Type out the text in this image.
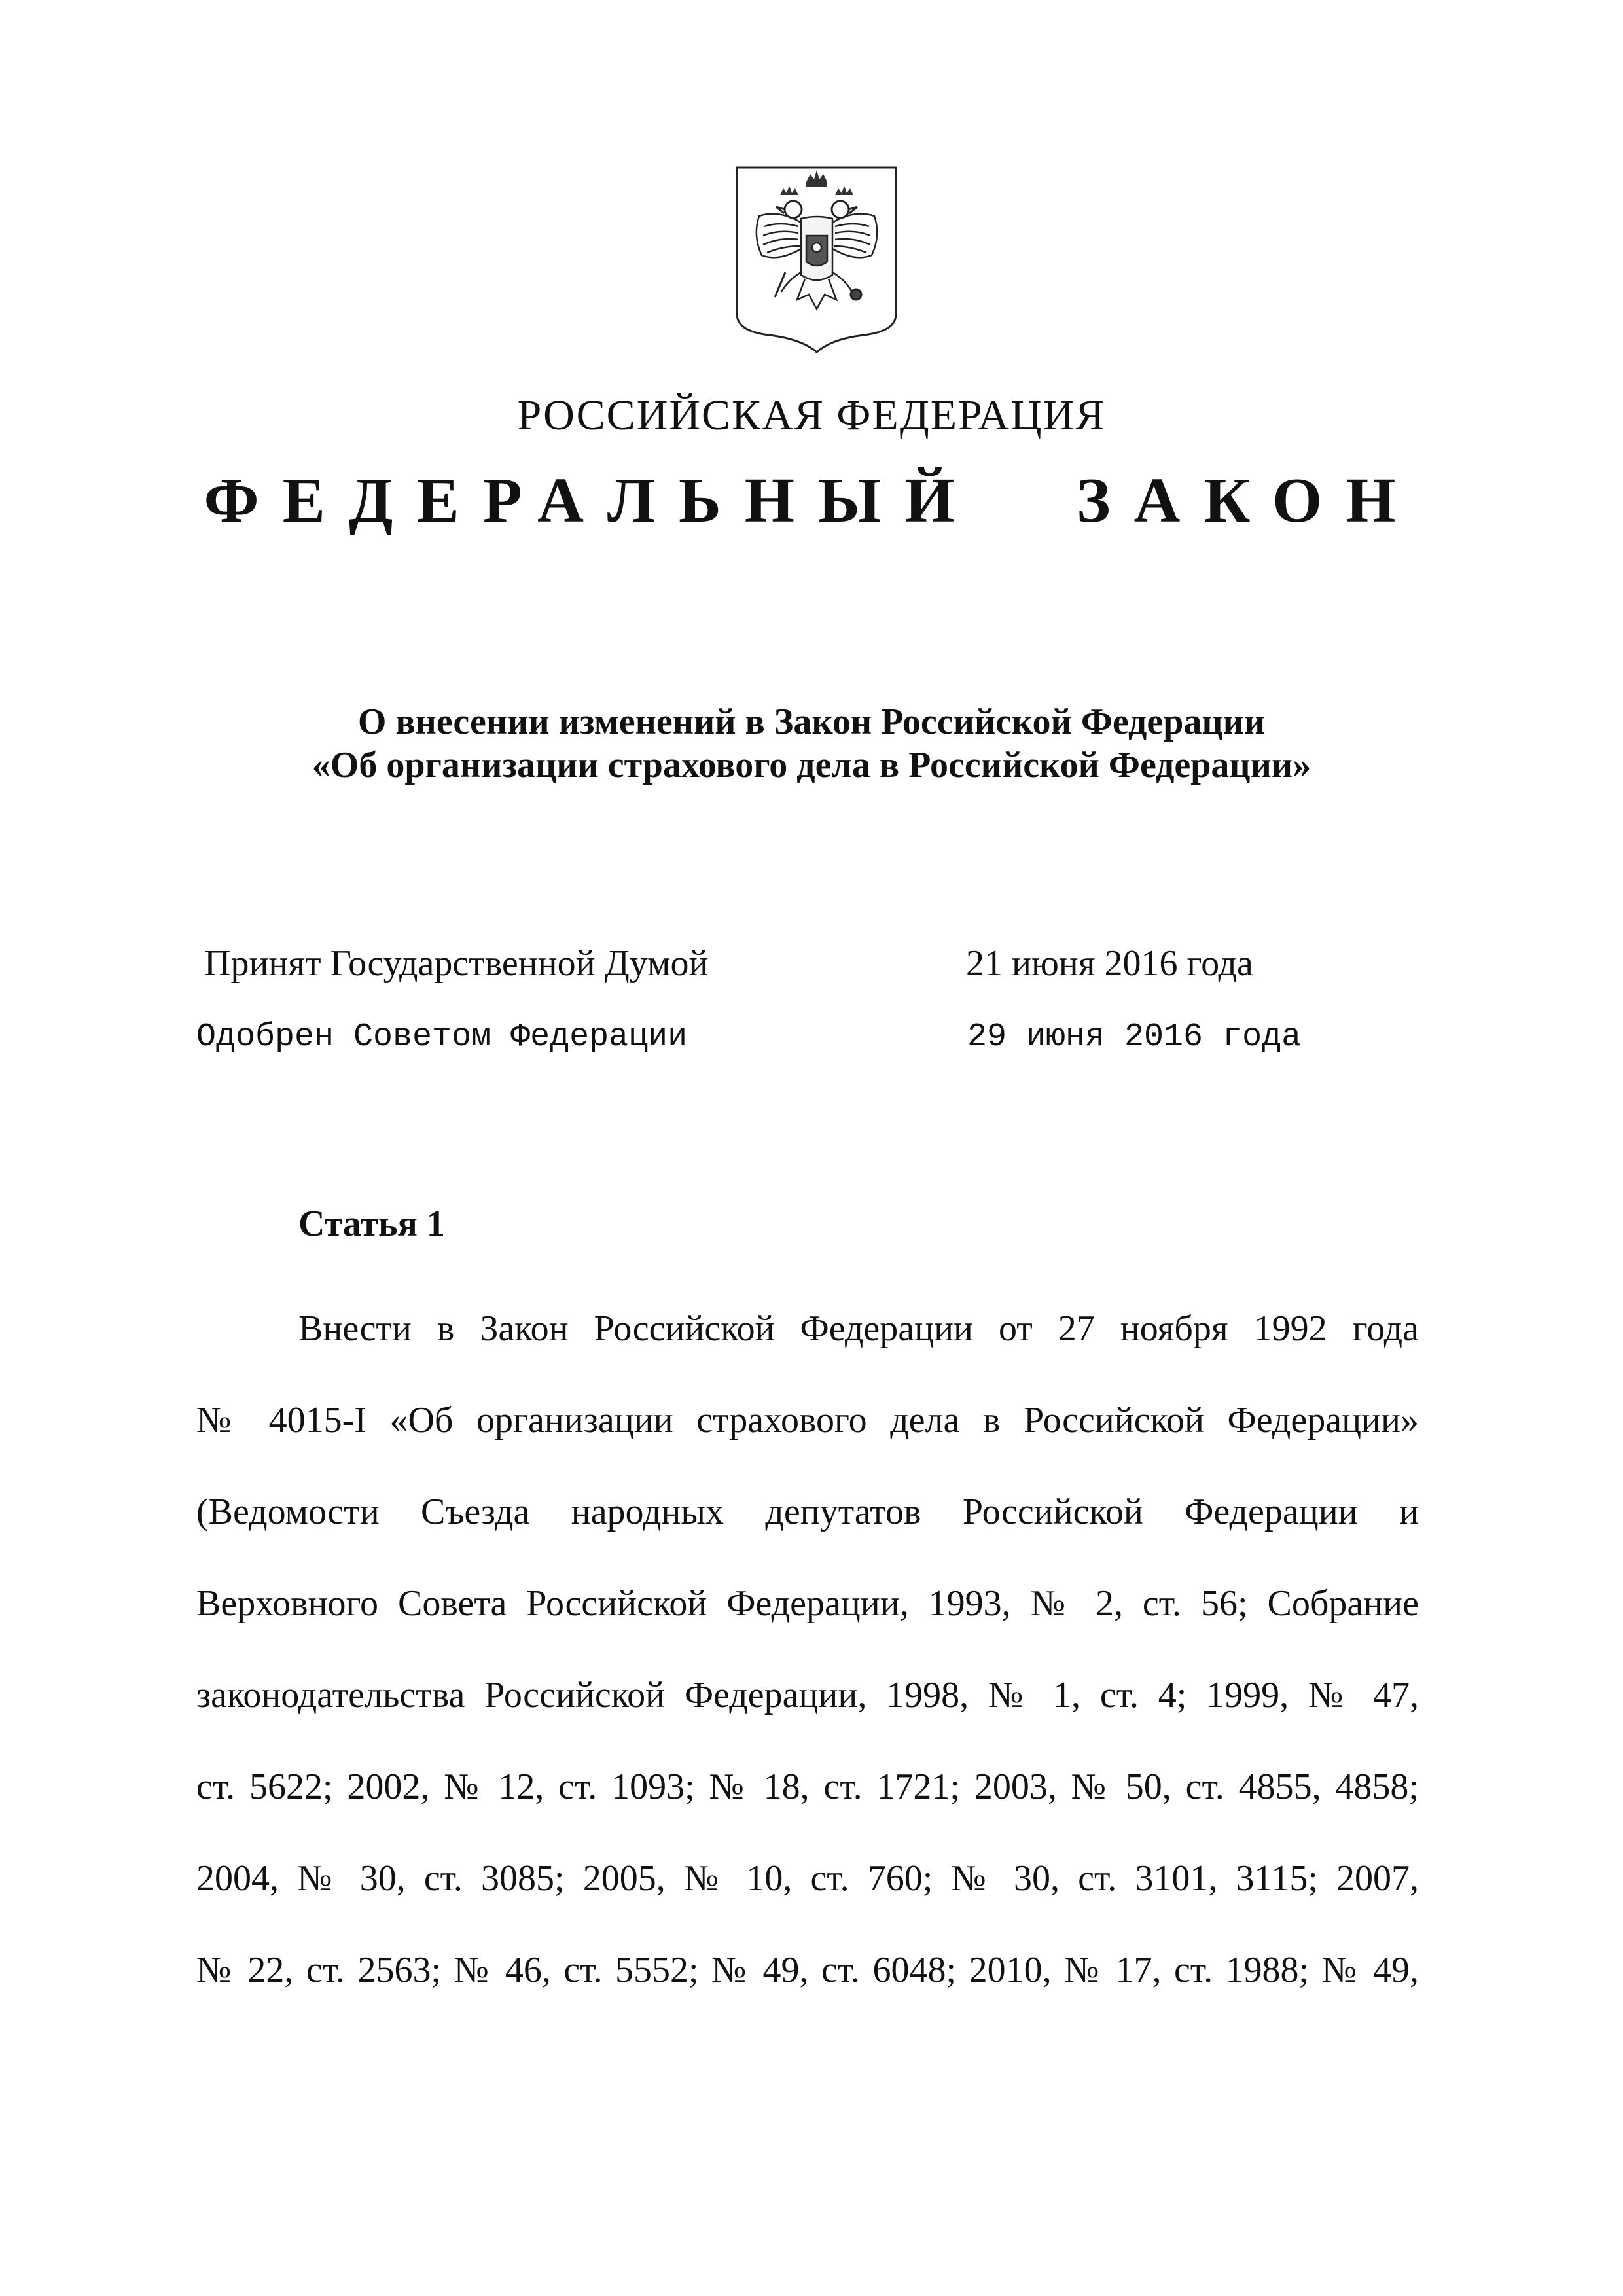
РОССИЙСКАЯ ФЕДЕРАЦИЯ
ФЕДЕРАЛЬНЫЙ ЗАКОН
О внесении изменений в Закон Российской Федерации
«Об организации страхового дела в Российской Федерации»
Принят Государственной Думой	21 июня 2016 года
Одобрен Советом Федерации	29 июня 2016 года
Статья 1
Внести в Закон Российской Федерации от 27 ноября 1992 года
№ 4015-I «Об организации страхового дела в Российской Федерации»
(Ведомости Съезда народных депутатов Российской Федерации и
Верховного Совета Российской Федерации, 1993, № 2, ст. 56; Собрание
законодательства Российской Федерации, 1998, № 1, ст. 4; 1999, № 47,
ст. 5622; 2002, № 12, ст. 1093; № 18, ст. 1721; 2003, № 50, ст. 4855, 4858;
2004, № 30, ст. 3085; 2005, № 10, ст. 760; № 30, ст. 3101, 3115; 2007,
№ 22, ст. 2563; № 46, ст. 5552; № 49, ст. 6048; 2010, № 17, ст. 1988; № 49,
